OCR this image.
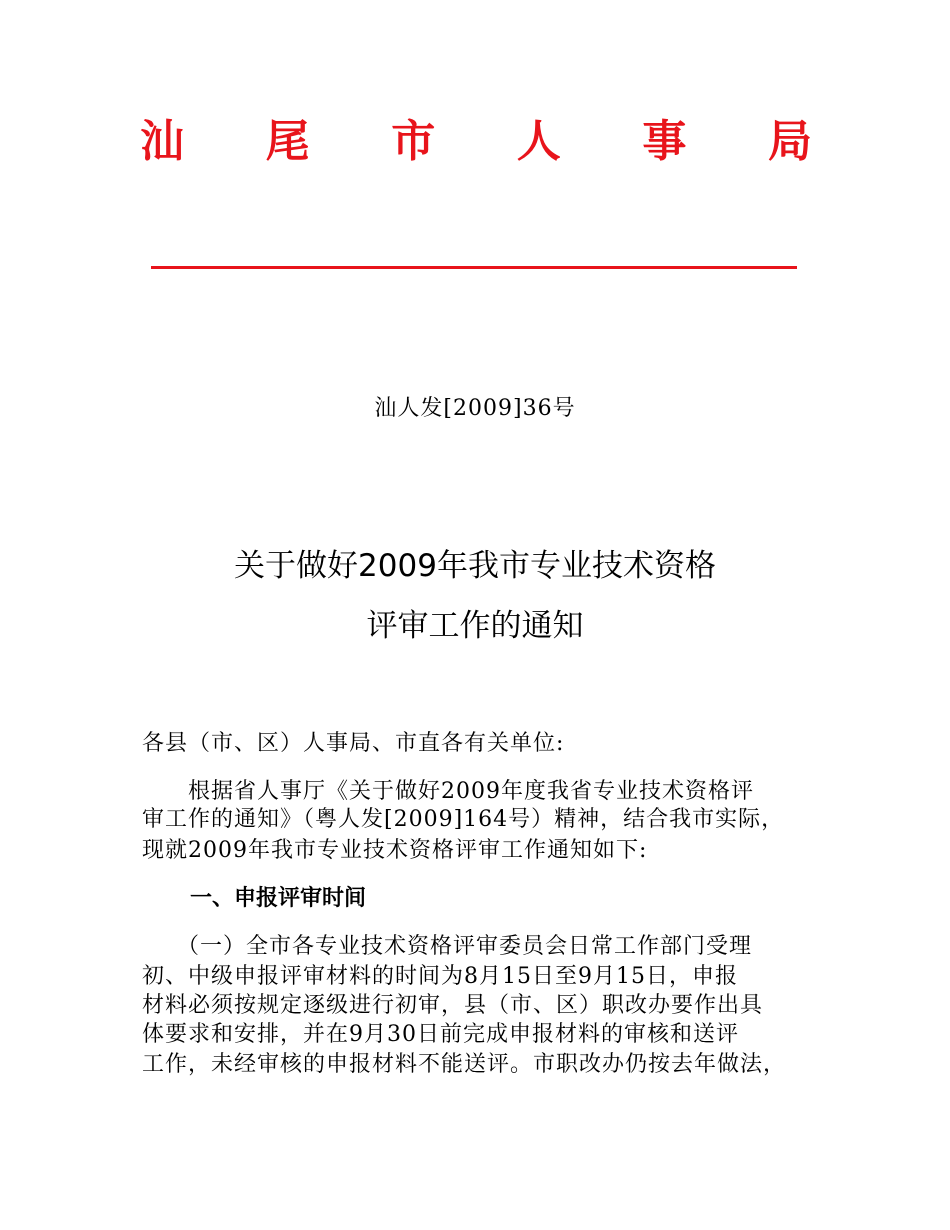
汕 尾 市 人 事 局
汕人发[2009]36号
关于做好2009年我市专业技术资格
评审工作的通知
各县（市、区）人事局、市直各有关单位:
　　根据省人事厅《关于做好2009年度我省专业技术资格评
审工作的通知》（粤人发[2009]164号）精神，结合我市实际，
现就2009年我市专业技术资格评审工作通知如下:
一、申报评审时间
　　（一）全市各专业技术资格评审委员会日常工作部门受理
初、中级申报评审材料的时间为8月15日至9月15日，申报
材料必须按规定逐级进行初审，县（市、区）职改办要作出具
体要求和安排，并在9月30日前完成申报材料的审核和送评
工作，未经审核的申报材料不能送评。市职改办仍按去年做法，
